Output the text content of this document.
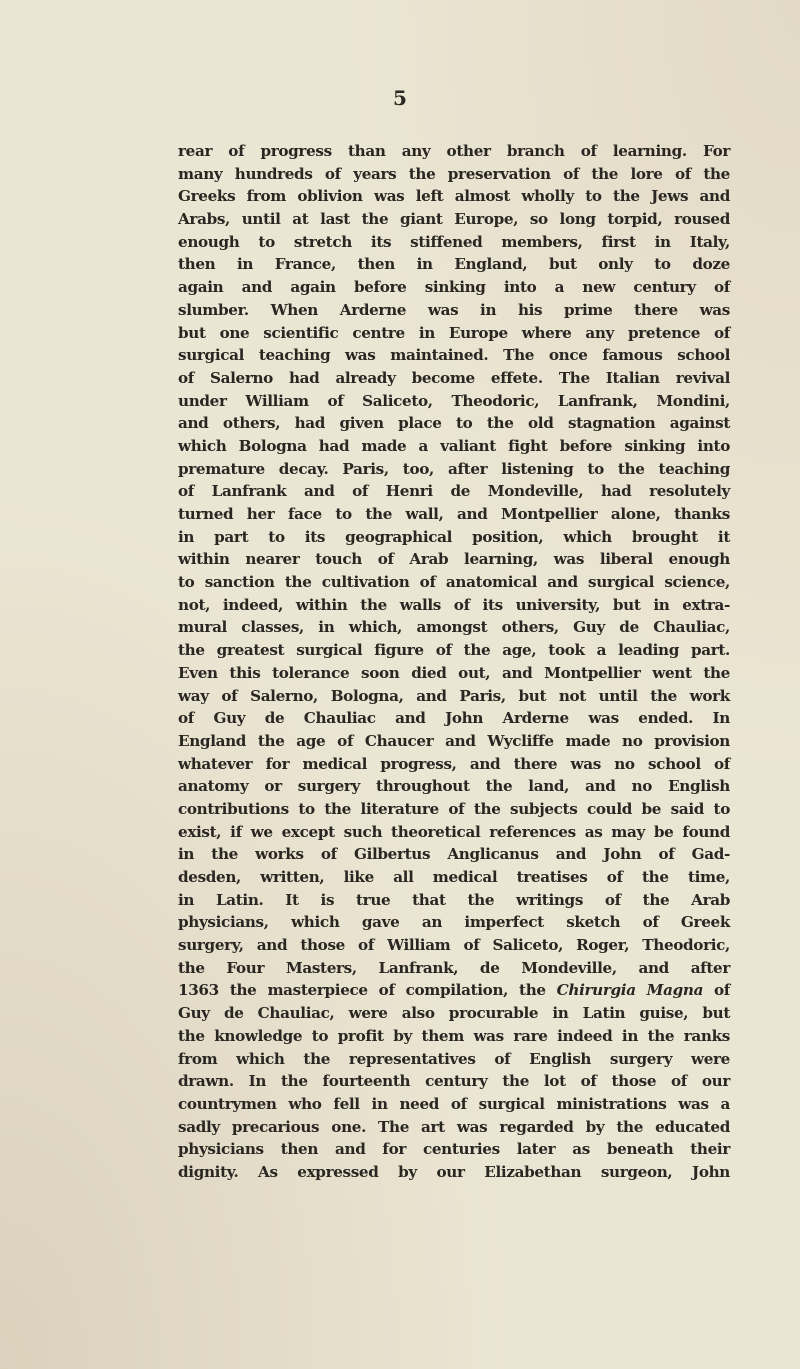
5
rear of progress than any other branch of learning. For
many hundreds of years the preservation of the lore of the
Greeks from oblivion was left almost wholly to the Jews and
Arabs, until at last the giant Europe, so long torpid, roused
enough to stretch its stiffened members, first in Italy,
then in France, then in England, but only to doze
again and again before sinking into a new century of
slumber. When Arderne was in his prime there was
but one scientific centre in Europe where any pretence of
surgical teaching was maintained. The once famous school
of Salerno had already become effete. The Italian revival
under William of Saliceto, Theodoric, Lanfrank, Mondini,
and others, had given place to the old stagnation against
which Bologna had made a valiant fight before sinking into
premature decay. Paris, too, after listening to the teaching
of Lanfrank and of Henri de Mondeville, had resolutely
turned her face to the wall, and Montpellier alone, thanks
in part to its geographical position, which brought it
within nearer touch of Arab learning, was liberal enough
to sanction the cultivation of anatomical and surgical science,
not, indeed, within the walls of its university, but in extra-
mural classes, in which, amongst others, Guy de Chauliac,
the greatest surgical figure of the age, took a leading part.
Even this tolerance soon died out, and Montpellier went the
way of Salerno, Bologna, and Paris, but not until the work
of Guy de Chauliac and John Arderne was ended. In
England the age of Chaucer and Wycliffe made no provision
whatever for medical progress, and there was no school of
anatomy or surgery throughout the land, and no English
contributions to the literature of the subjects could be said to
exist, if we except such theoretical references as may be found
in the works of Gilbertus Anglicanus and John of Gad-
desden, written, like all medical treatises of the time,
in Latin. It is true that the writings of the Arab
physicians, which gave an imperfect sketch of Greek
surgery, and those of William of Saliceto, Roger, Theodoric,
the Four Masters, Lanfrank, de Mondeville, and after
1363 the masterpiece of compilation, the Chirurgia Magna of
Guy de Chauliac, were also procurable in Latin guise, but
the knowledge to profit by them was rare indeed in the ranks
from which the representatives of English surgery were
drawn. In the fourteenth century the lot of those of our
countrymen who fell in need of surgical ministrations was a
sadly precarious one. The art was regarded by the educated
physicians then and for centuries later as beneath their
dignity. As expressed by our Elizabethan surgeon, John
